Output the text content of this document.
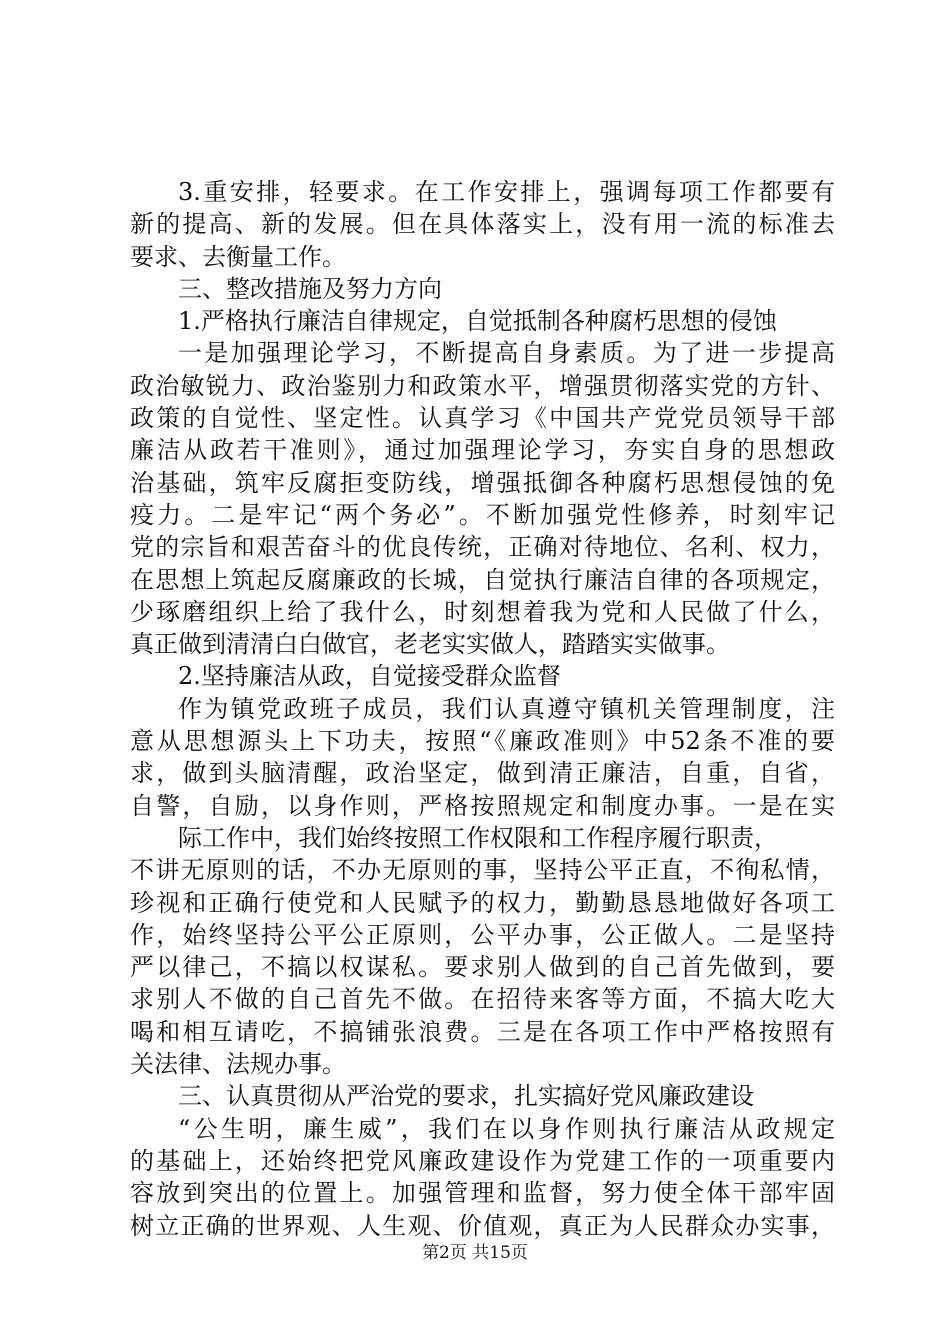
3.重安排，轻要求。在工作安排上，强调每项工作都要有
新的提高、新的发展。但在具体落实上，没有用一流的标准去
要求、去衡量工作。
三、整改措施及努力方向
1.严格执行廉洁自律规定，自觉抵制各种腐朽思想的侵蚀
一是加强理论学习，不断提高自身素质。为了进一步提高
政治敏锐力、政治鉴别力和政策水平，增强贯彻落实党的方针、
政策的自觉性、坚定性。认真学习《中国共产党党员领导干部
廉洁从政若干准则》，通过加强理论学习，夯实自身的思想政
治基础，筑牢反腐拒变防线，增强抵御各种腐朽思想侵蚀的免
疫力。二是牢记“两个务必”。不断加强党性修养，时刻牢记
党的宗旨和艰苦奋斗的优良传统，正确对待地位、名利、权力，
在思想上筑起反腐廉政的长城，自觉执行廉洁自律的各项规定，
少琢磨组织上给了我什么，时刻想着我为党和人民做了什么，
真正做到清清白白做官，老老实实做人，踏踏实实做事。
2.坚持廉洁从政，自觉接受群众监督
作为镇党政班子成员，我们认真遵守镇机关管理制度，注
意从思想源头上下功夫，按照“《廉政准则》中52条不准的要
求，做到头脑清醒，政治坚定，做到清正廉洁，自重，自省，
自警，自励，以身作则，严格按照规定和制度办事。一是在实
际工作中，我们始终按照工作权限和工作程序履行职责，
不讲无原则的话，不办无原则的事，坚持公平正直，不徇私情，
珍视和正确行使党和人民赋予的权力，勤勤恳恳地做好各项工
作，始终坚持公平公正原则，公平办事，公正做人。二是坚持
严以律己，不搞以权谋私。要求别人做到的自己首先做到，要
求别人不做的自己首先不做。在招待来客等方面，不搞大吃大
喝和相互请吃，不搞铺张浪费。三是在各项工作中严格按照有
关法律、法规办事。
三、认真贯彻从严治党的要求，扎实搞好党风廉政建设
“公生明，廉生威”，我们在以身作则执行廉洁从政规定
的基础上，还始终把党风廉政建设作为党建工作的一项重要内
容放到突出的位置上。加强管理和监督，努力使全体干部牢固
树立正确的世界观、人生观、价值观，真正为人民群众办实事，
第2页 共15页
